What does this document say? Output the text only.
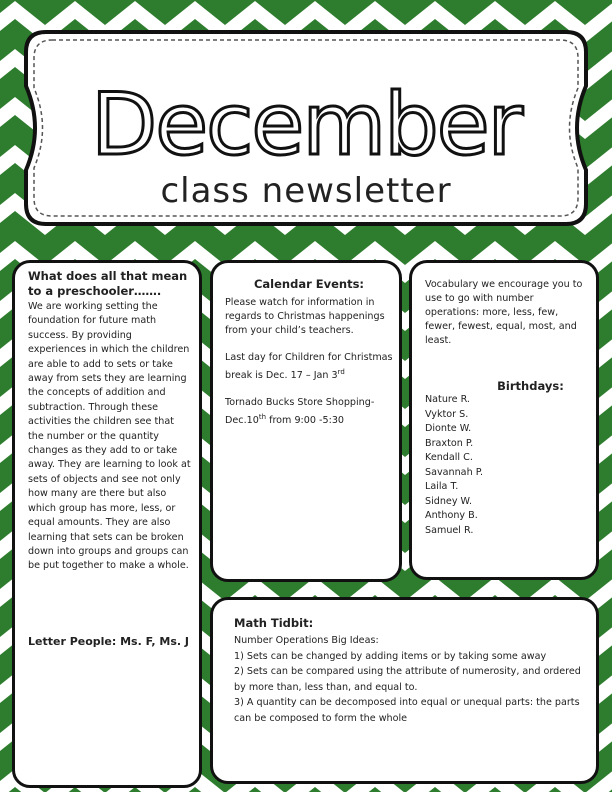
December
class newsletter
What does all that mean to a preschooler…….

We are working setting the foundation for future math success. By providing experiences in which the children are able to add to sets or take away from sets they are learning the concepts of addition and subtraction. Through these activities the children see that the number or the quantity changes as they add to or take away. They are learning to look at sets of objects and see not only how many are there but also which group has more, less, or equal amounts. They are also learning that sets can be broken down into groups and groups can be put together to make a whole.

Letter People: Ms. F, Ms. J
Calendar Events:

Please watch for information in regards to Christmas happenings from your child’s teachers.

Last day for Children for Christmas break is Dec. 17 – Jan 3rd

Tornado Bucks Store Shopping- Dec.10th from 9:00 -5:30

Vocabulary we encourage you to use to go with number operations: more, less, few, fewer, fewest, equal, most, and least.

Birthdays:
Nature R.
Vyktor S.
Dionte W.
Braxton P.
Kendall C.
Savannah P.
Laila T.
Sidney W.
Anthony B.
Samuel R.
Math Tidbit:

Number Operations Big Ideas:

1) Sets can be changed by adding items or by taking some away

2) Sets can be compared using the attribute of numerosity, and ordered by more than, less than, and equal to.

3) A quantity can be decomposed into equal or unequal parts: the parts can be composed to form the whole
